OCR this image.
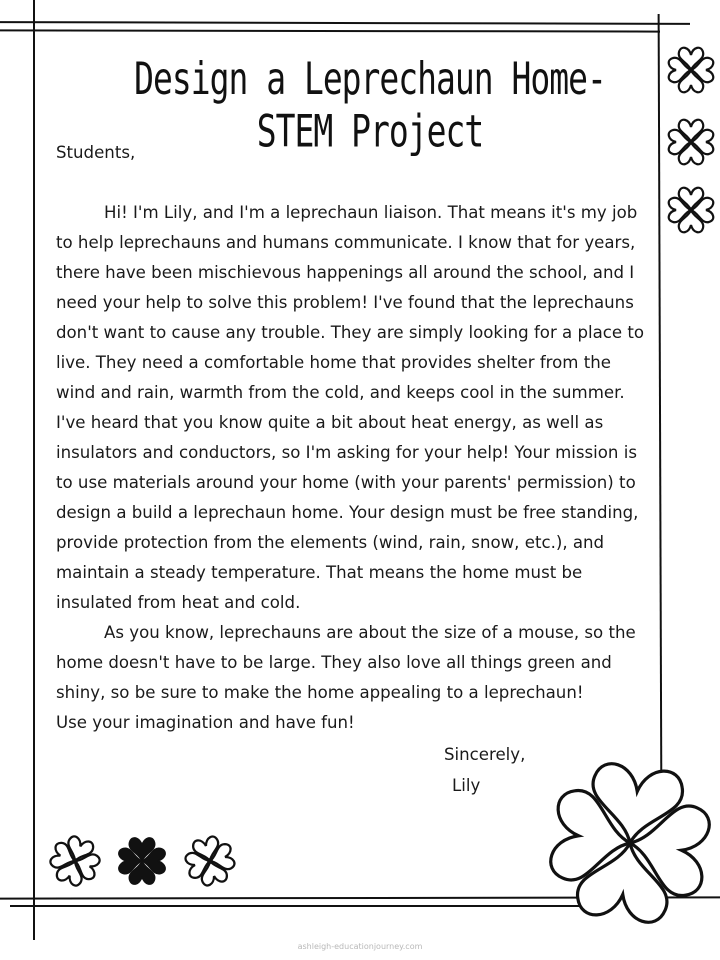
Design a Leprechaun Home-STEM Project

Students,

Hi! I'm Lily, and I'm a leprechaun liaison. That means it's my job to help leprechauns and humans communicate. I know that for years, there have been mischievous happenings all around the school, and I need your help to solve this problem! I've found that the leprechauns don't want to cause any trouble. They are simply looking for a place to live. They need a comfortable home that provides shelter from the wind and rain, warmth from the cold, and keeps cool in the summer. I've heard that you know quite a bit about heat energy, as well as insulators and conductors, so I'm asking for your help! Your mission is to use materials around your home (with your parents' permission) to design a build a leprechaun home. Your design must be free standing, provide protection from the elements (wind, rain, snow, etc.), and maintain a steady temperature. That means the home must be insulated from heat and cold.

As you know, leprechauns are about the size of a mouse, so the home doesn't have to be large. They also love all things green and shiny, so be sure to make the home appealing to a leprechaun!

Use your imagination and have fun!

Sincerely,
Lily
ashleigh-educationjourney.com
